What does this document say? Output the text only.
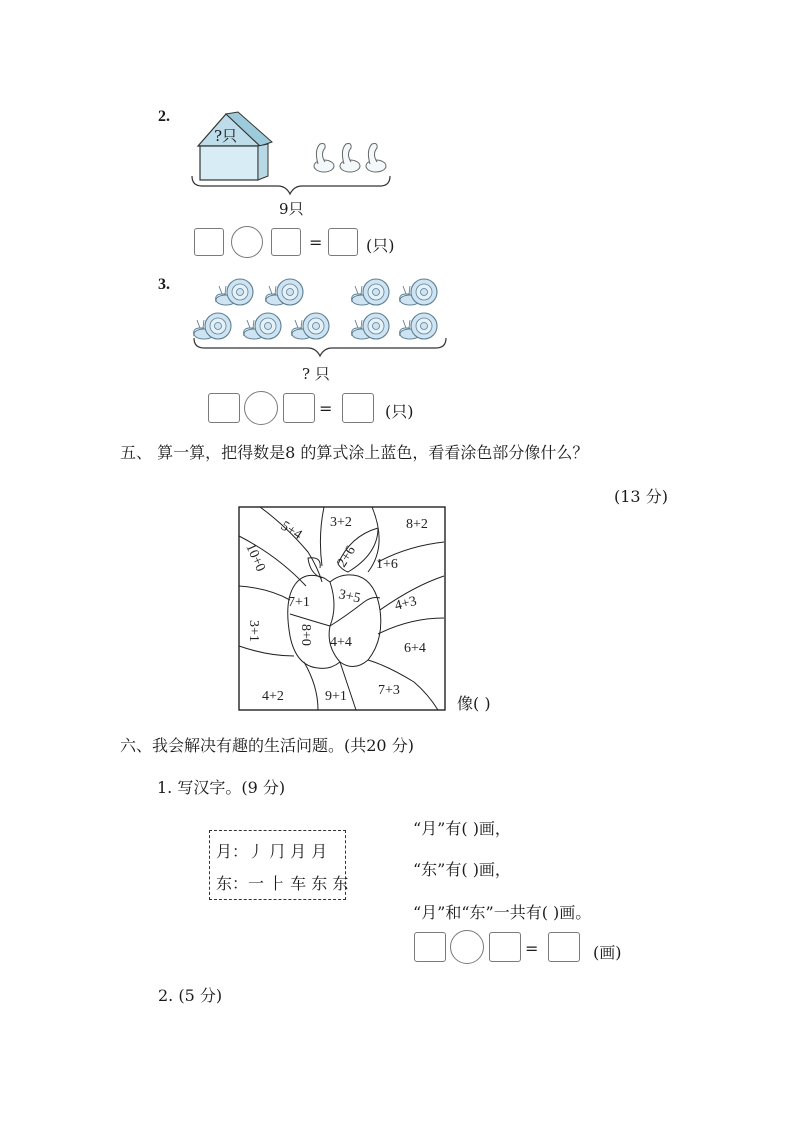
2.
?只
9只
=	(只)
3.
? 只
=	(只)
五、 算一算，把得数是8 的算式涂上蓝色，看看涂色部分像什么？
(13 分)
5+4 3+2	8+2
10+0	2+6 1+6
7+1 3+5 4+3
3+1	8+0 4+4	6+4
4+2	9+1 7+3
像( )
六、我会解决有趣的生活问题。(共20 分)
1. 写汉字。(9 分)
月：丿 ⺆ 月 月
东：一 ⺊ 车 东 东
“月”有( )画，
“东”有( )画，
“月”和“东”一共有( )画。
=	(画)
2. (5 分)
